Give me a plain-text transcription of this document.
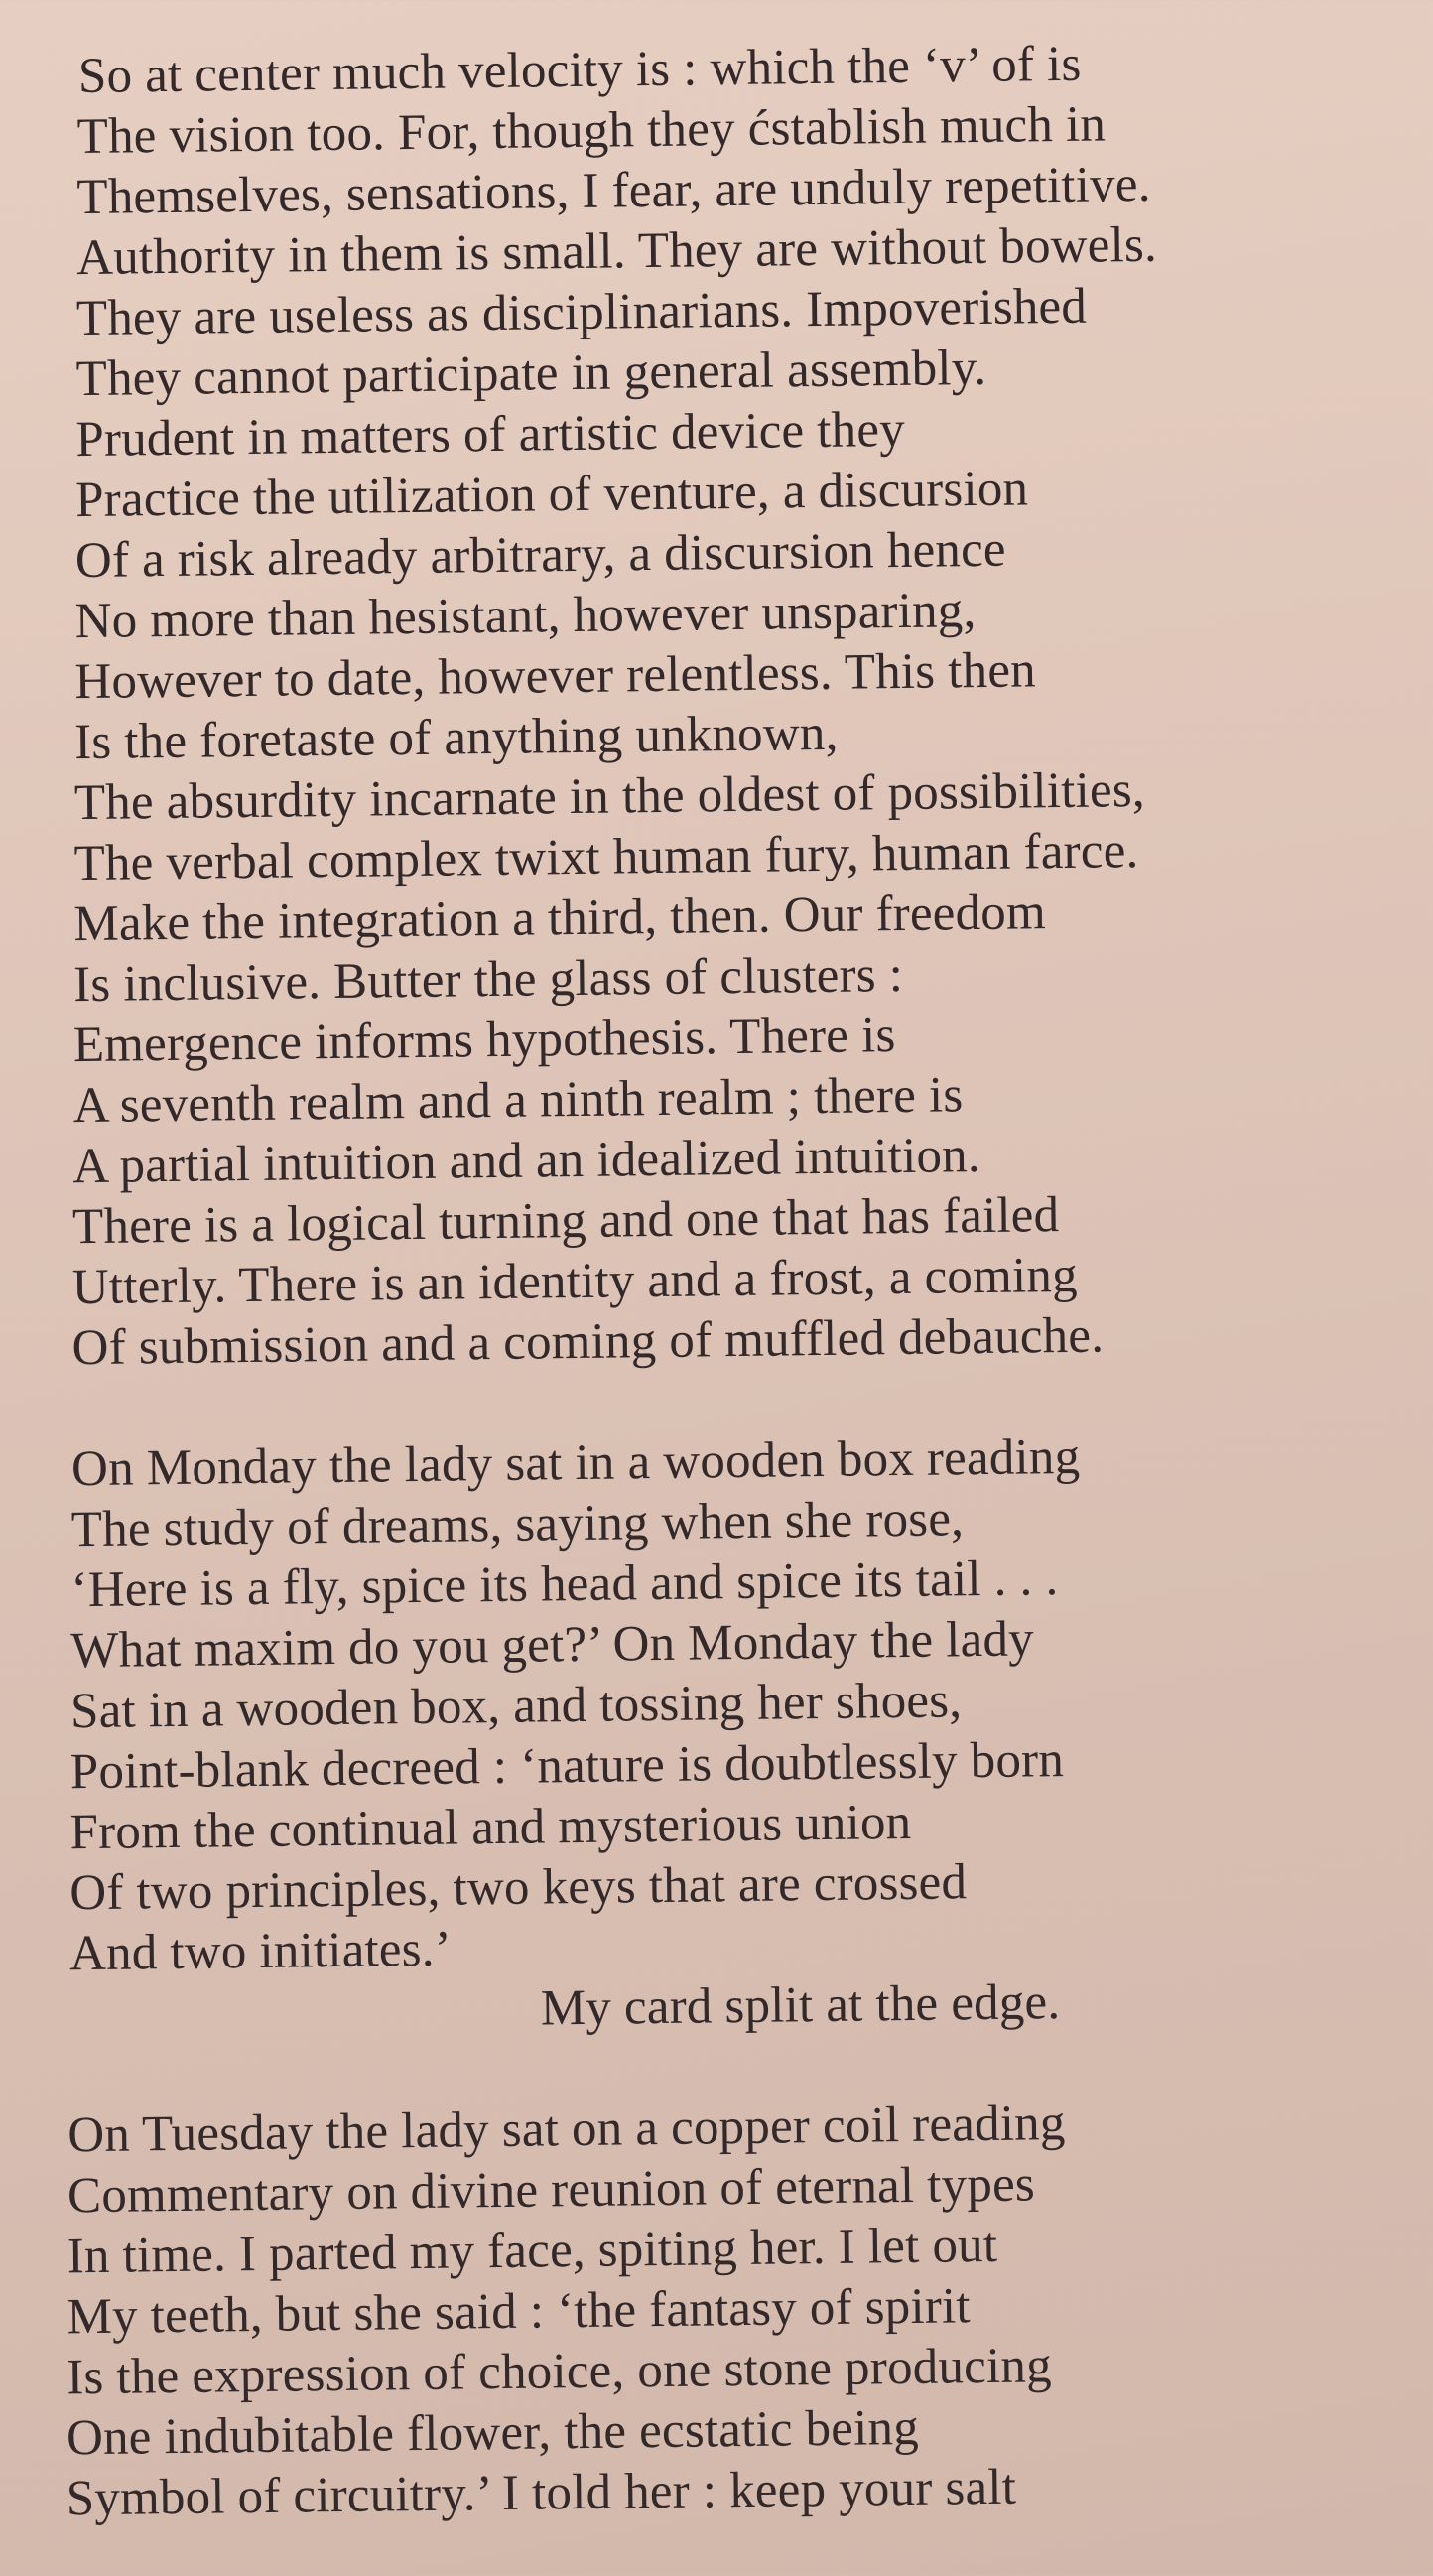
So at center much velocity is : which the ‘v’ of is
The vision too. For, though they ćstablish much in
Themselves, sensations, I fear, are unduly repetitive.
Authority in them is small. They are without bowels.
They are useless as disciplinarians. Impoverished
They cannot participate in general assembly.
Prudent in matters of artistic device they
Practice the utilization of venture, a discursion
Of a risk already arbitrary, a discursion hence
No more than hesistant, however unsparing,
However to date, however relentless. This then
Is the foretaste of anything unknown,
The absurdity incarnate in the oldest of possibilities,
The verbal complex twixt human fury, human farce.
Make the integration a third, then. Our freedom
Is inclusive. Butter the glass of clusters :
Emergence informs hypothesis. There is
A seventh realm and a ninth realm ; there is
A partial intuition and an idealized intuition.
There is a logical turning and one that has failed
Utterly. There is an identity and a frost, a coming
Of submission and a coming of muffled debauche.
On Monday the lady sat in a wooden box reading
The study of dreams, saying when she rose,
‘Here is a fly, spice its head and spice its tail . . .
What maxim do you get?’ On Monday the lady
Sat in a wooden box, and tossing her shoes,
Point-blank decreed : ‘nature is doubtlessly born
From the continual and mysterious union
Of two principles, two keys that are crossed
And two initiates.’
My card split at the edge.
On Tuesday the lady sat on a copper coil reading
Commentary on divine reunion of eternal types
In time. I parted my face, spiting her. I let out
My teeth, but she said : ‘the fantasy of spirit
Is the expression of choice, one stone producing
One indubitable flower, the ecstatic being
Symbol of circuitry.’ I told her : keep your salt
